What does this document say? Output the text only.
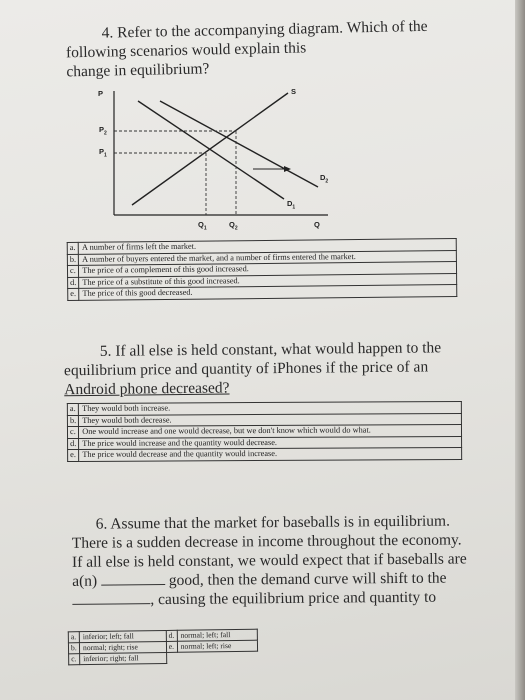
4. Refer to the accompanying diagram. Which of the
following scenarios would explain this
change in equilibrium?
P	S
$P_2$
$P_1$
$D_2$
$D_1$
$Q_1$	$Q_2$	Q
a.	A number of firms left the market.
b.	A number of buyers entered the market, and a number of firms entered the market.
c.	The price of a complement of this good increased.
d.	The price of a substitute of this good increased.
e.	The price of this good decreased.
5. If all else is held constant, what would happen to the
equilibrium price and quantity of iPhones if the price of an
Android phone decreased?
a.	They would both increase.
b.	They would both decrease.
c.	One would increase and one would decrease, but we don't know which would do what.
d.	The price would increase and the quantity would decrease.
e.	The price would decrease and the quantity would increase.
6. Assume that the market for baseballs is in equilibrium.
There is a sudden decrease in income throughout the economy.
If all else is held constant, we would expect that if baseballs are
a(n)	good, then the demand curve will shift to the
, causing the equilibrium price and quantity to
a.	inferior; left; fall	d.	normal; left; fall
b.	normal; right; rise	e.	normal; left; rise
c.	inferior; right; fall		
